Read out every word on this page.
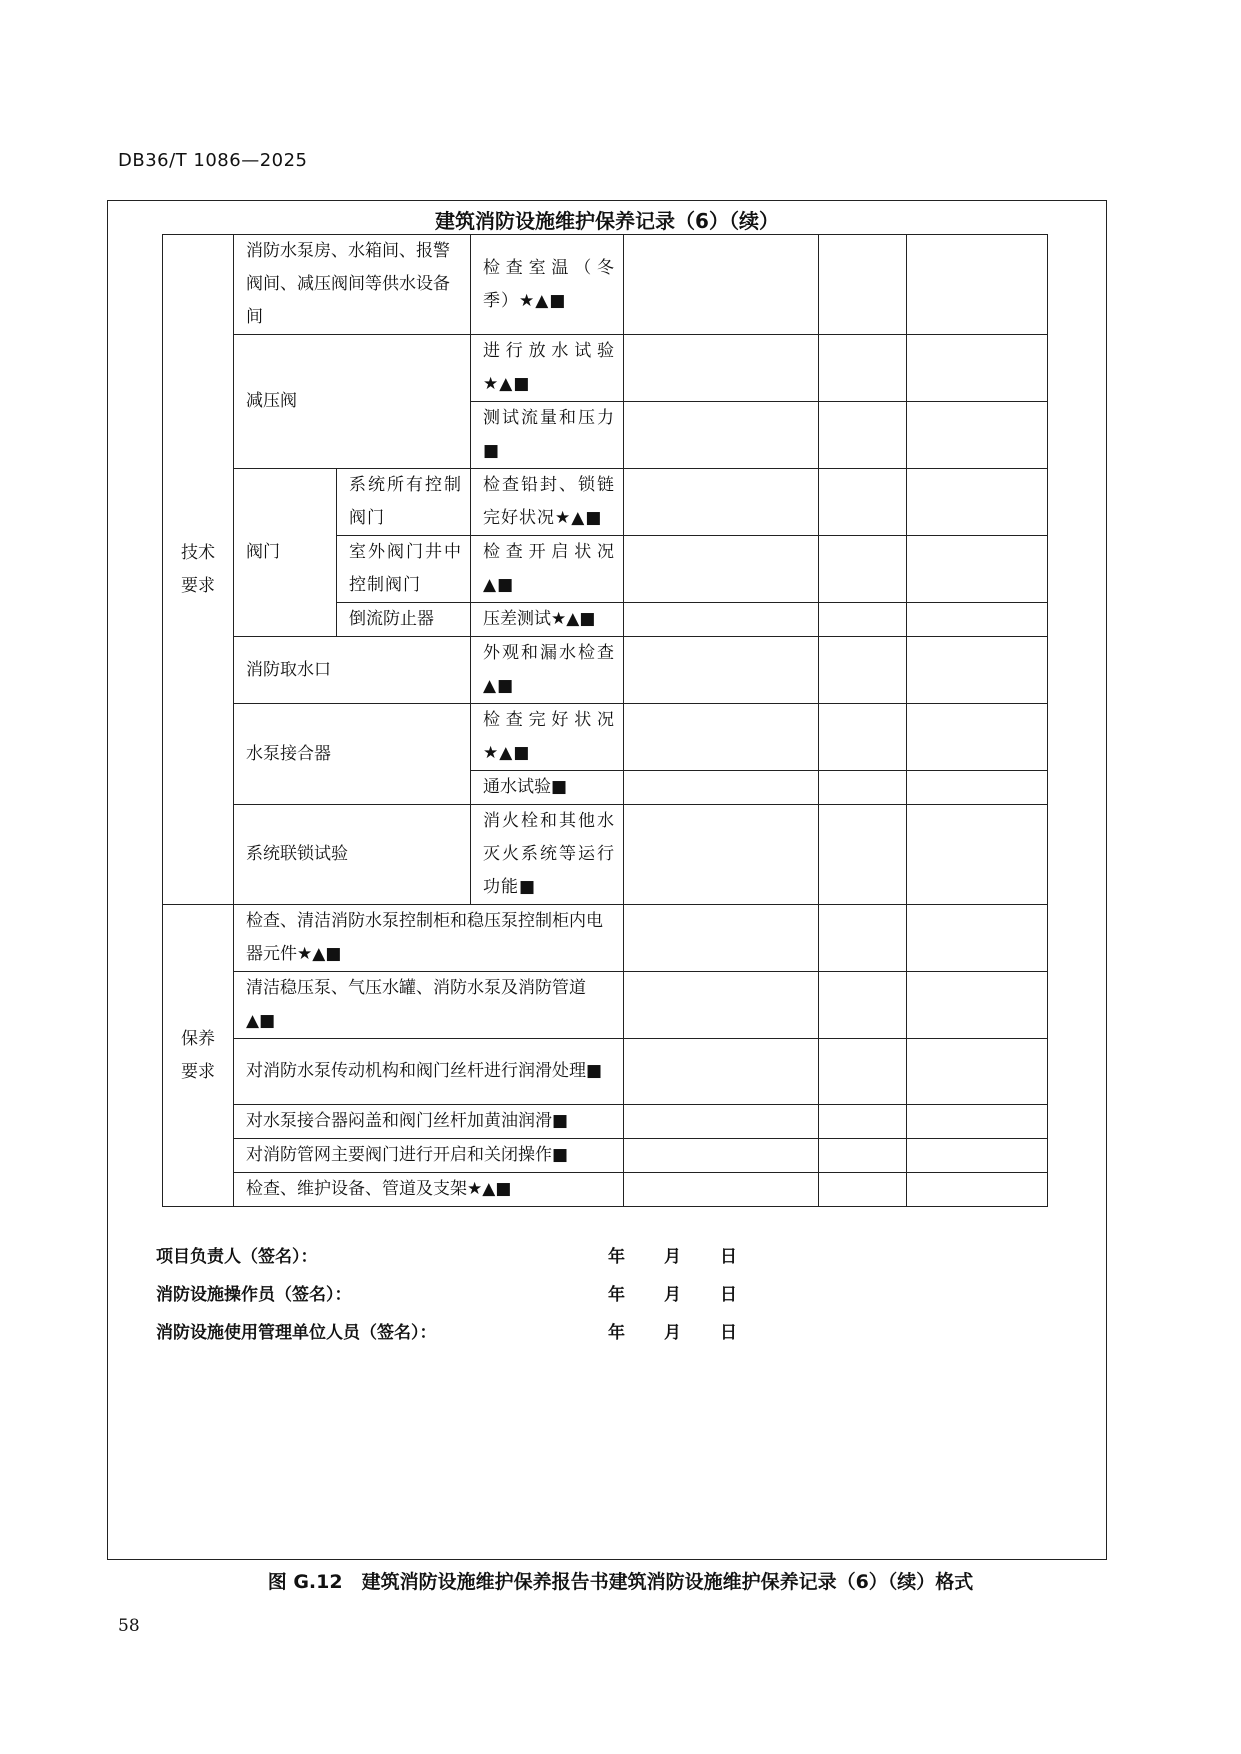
DB36/T 1086—2025
建筑消防设施维护保养记录（6）（续）
技术
要求	消防水泵房、水箱间、报警阀间、减压阀间等供水设备间		检查室温（冬季）★▲■			
	减压阀		进行放水试验★▲■			
			测试流量和压力■			
	阀门	系统所有控制阀门	检查铅封、锁链完好状况★▲■			
		室外阀门井中控制阀门	检查开启状况▲■			
		倒流防止器	压差测试★▲■			
	消防取水口		外观和漏水检查▲■			
	水泵接合器		检查完好状况★▲■			
			通水试验■			
	系统联锁试验		消火栓和其他水灭火系统等运行功能■			
保养
要求	检查、清洁消防水泵控制柜和稳压泵控制柜内电器元件★▲■					
	清洁稳压泵、气压水罐、消防水泵及消防管道▲■					
	对消防水泵传动机构和阀门丝杆进行润滑处理■					
	对水泵接合器闷盖和阀门丝杆加黄油润滑■					
	对消防管网主要阀门进行开启和关闭操作■					
	检查、维护设备、管道及支架★▲■					
项目负责人（签名）：	年 月 日
消防设施操作员（签名）：	年 月 日
消防设施使用管理单位人员（签名）：	年 月 日
图 G.12　建筑消防设施维护保养报告书建筑消防设施维护保养记录（6）（续）格式
58
